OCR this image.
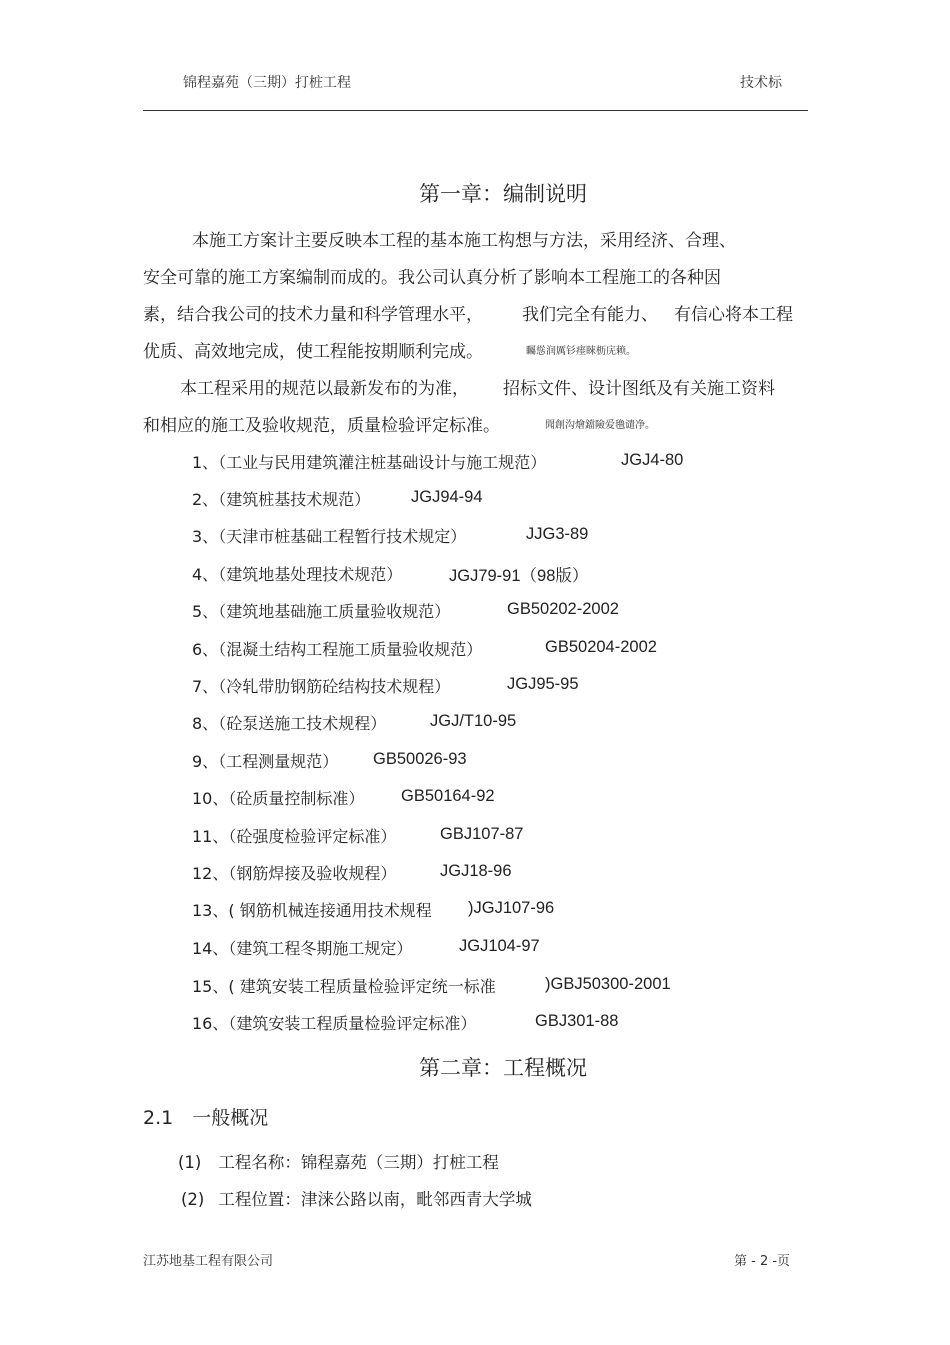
锦程嘉苑（三期）打桩工程	技术标
第一章：编制说明
本施工方案计主要反映本工程的基本施工构想与方法，采用经济、合理、
安全可靠的施工方案编制而成的。我公司认真分析了影响本工程施工的各种因
素，结合我公司的技术力量和科学管理水平， 我们完全有能力、 有信心将本工程
优质、高效地完成，使工程能按期顺利完成。	矚慫润厲钐瘗睞枥庑赖。
本工程采用的规范以最新发布的为准， 招标文件、设计图纸及有关施工资料
和相应的施工及验收规范，质量检验评定标准。	聞創沟燴鐺險爱氇谴净。
1、（工业与民用建筑灌注桩基础设计与施工规范）	JGJ4-80
2、（建筑桩基技术规范） JGJ94-94
3、（天津市桩基础工程暂行技术规定）	JJG3-89
4、（建筑地基处理技术规范）	JGJ79-91（98版）
5、（建筑地基础施工质量验收规范）	GB50202-2002
6、（混凝土结构工程施工质量验收规范）	GB50204-2002
7、（冷轧带肋钢筋砼结构技术规程）	JGJ95-95
8、（砼泵送施工技术规程）	JGJ/T10-95
9、（工程测量规范） GB50026-93
10、（砼质量控制标准） GB50164-92
11、（砼强度检验评定标准）	GBJ107-87
12、（钢筋焊接及验收规程）	JGJ18-96
13、( 钢筋机械连接通用技术规程 )JGJ107-96
14、（建筑工程冬期施工规定）	JGJ104-97
15、( 建筑安装工程质量检验评定统一标准	)GBJ50300-2001
16、（建筑安装工程质量检验评定标准）	GBJ301-88
第二章：工程概况
2.1　一般概况
(1) 工程名称：锦程嘉苑（三期）打桩工程
(2) 工程位置：津涞公路以南，毗邻西青大学城
江苏地基工程有限公司	第 - 2 -页
